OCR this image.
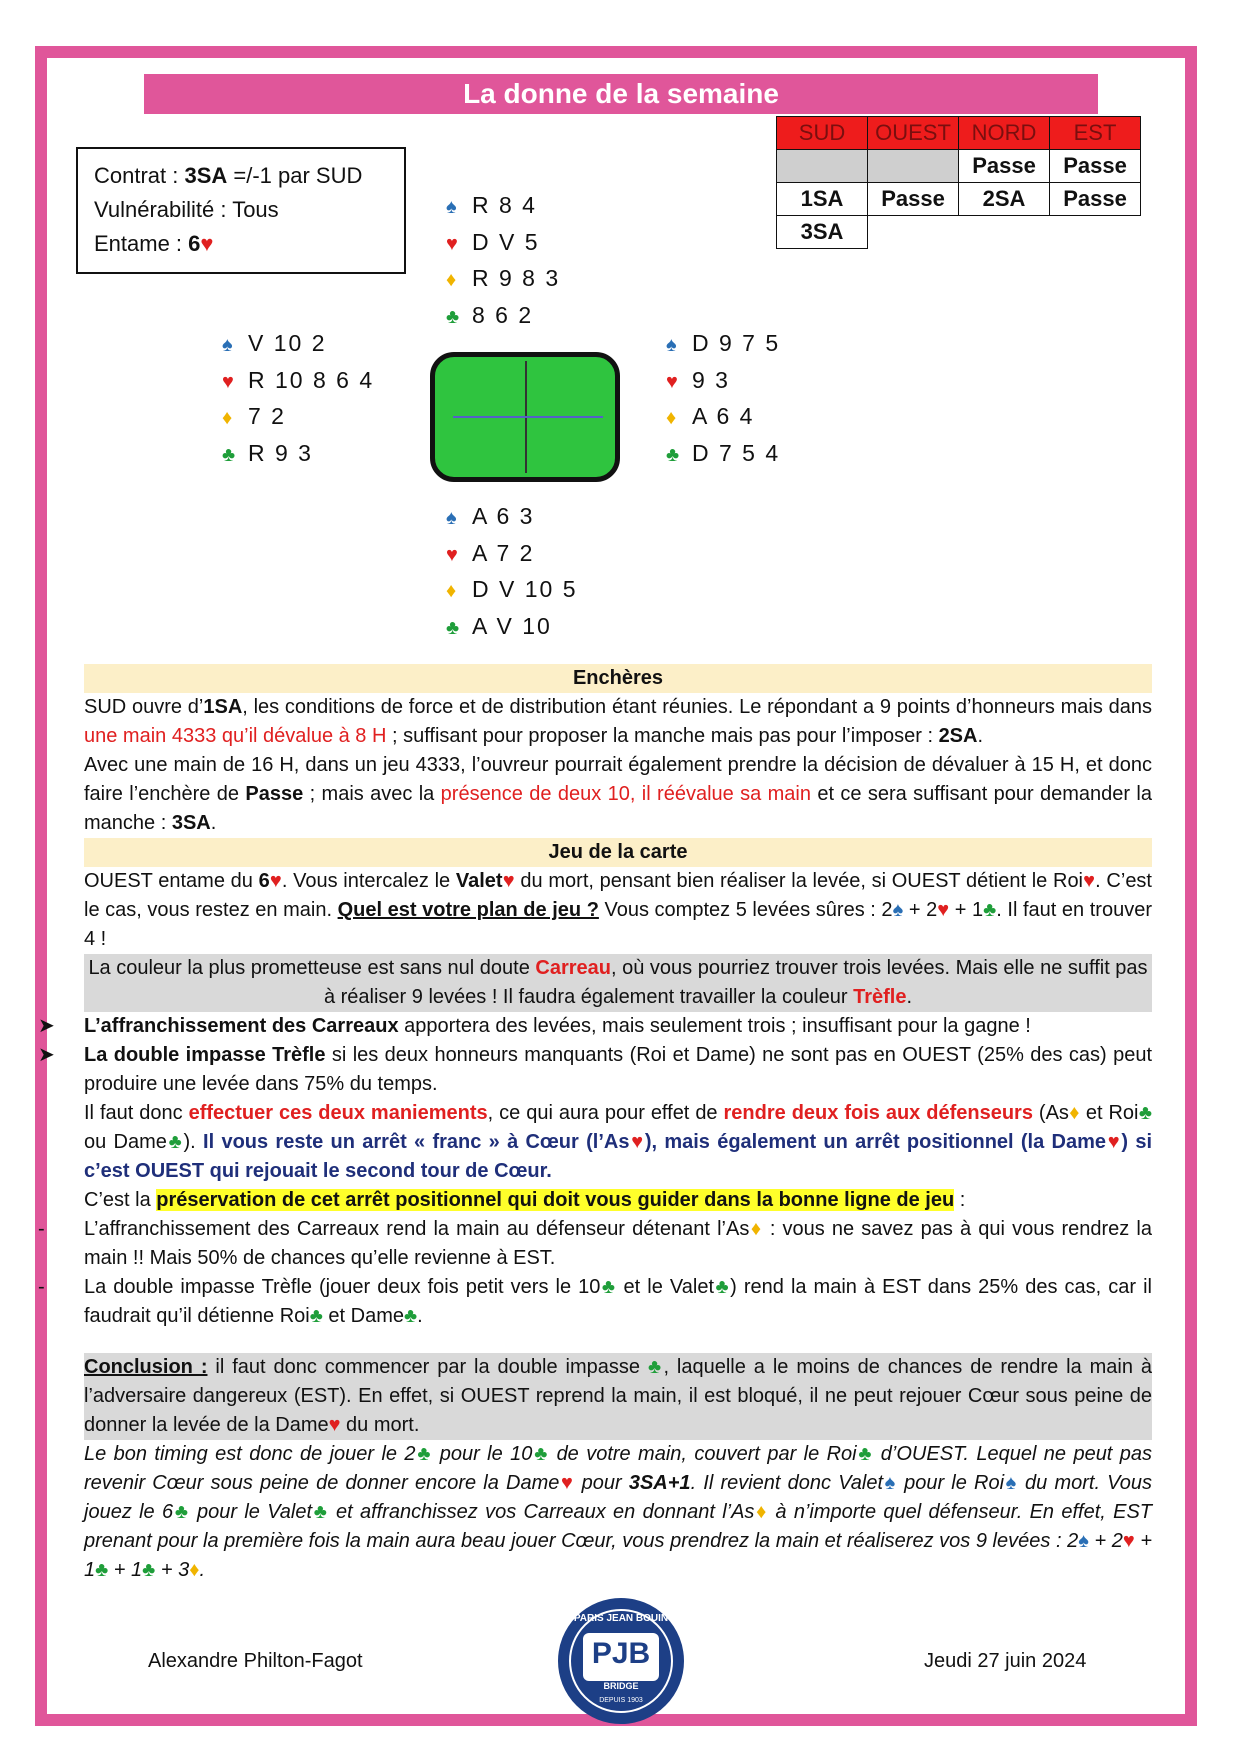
La donne de la semaine
Contrat : 3SA =/-1 par SUD
Vulnérabilité : Tous
Entame : 6♥
SUD	OUEST	NORD	EST
		Passe	Passe
1SA	Passe	2SA	Passe
3SA			
♠ R 8 4
♥ D V 5
♦ R 9 8 3
♣ 8 6 2
♠ V 10 2
♥ R 10 8 6 4
♦ 7 2
♣ R 9 3
♠ D 9 7 5
♥ 9 3
♦ A 6 4
♣ D 7 5 4
♠ A 6 3
♥ A 7 2
♦ D V 10 5
♣ A V 10
Enchères
SUD ouvre d’1SA, les conditions de force et de distribution étant réunies. Le répondant a 9 points d’honneurs mais dans une main 4333 qu’il dévalue à 8 H ; suffisant pour proposer la manche mais pas pour l’imposer : 2SA.
Avec une main de 16 H, dans un jeu 4333, l’ouvreur pourrait également prendre la décision de dévaluer à 15 H, et donc faire l’enchère de Passe ; mais avec la présence de deux 10, il réévalue sa main et ce sera suffisant pour demander la manche : 3SA.
Jeu de la carte
OUEST entame du 6♥. Vous intercalez le Valet♥ du mort, pensant bien réaliser la levée, si OUEST détient le Roi♥. C’est le cas, vous restez en main. Quel est votre plan de jeu ? Vous comptez 5 levées sûres : 2♠ + 2♥ + 1♣. Il faut en trouver 4 !
La couleur la plus prometteuse est sans nul doute Carreau, où vous pourriez trouver trois levées. Mais elle ne suffit pas à réaliser 9 levées ! Il faudra également travailler la couleur Trèfle.
➤ L’affranchissement des Carreaux apportera des levées, mais seulement trois ; insuffisant pour la gagne !
➤ La double impasse Trèfle si les deux honneurs manquants (Roi et Dame) ne sont pas en OUEST (25% des cas) peut produire une levée dans 75% du temps.
Il faut donc effectuer ces deux maniements, ce qui aura pour effet de rendre deux fois aux défenseurs (As♦ et Roi♣ ou Dame♣). Il vous reste un arrêt « franc » à Cœur (l’As♥), mais également un arrêt positionnel (la Dame♥) si c’est OUEST qui rejouait le second tour de Cœur.
C’est la préservation de cet arrêt positionnel qui doit vous guider dans la bonne ligne de jeu :
- L’affranchissement des Carreaux rend la main au défenseur détenant l’As♦ : vous ne savez pas à qui vous rendrez la main !! Mais 50% de chances qu’elle revienne à EST.
- La double impasse Trèfle (jouer deux fois petit vers le 10♣ et le Valet♣) rend la main à EST dans 25% des cas, car il faudrait qu’il détienne Roi♣ et Dame♣.
Conclusion : il faut donc commencer par la double impasse ♣, laquelle a le moins de chances de rendre la main à l’adversaire dangereux (EST). En effet, si OUEST reprend la main, il est bloqué, il ne peut rejouer Cœur sous peine de donner la levée de la Dame♥ du mort.
Le bon timing est donc de jouer le 2♣ pour le 10♣ de votre main, couvert par le Roi♣ d’OUEST. Lequel ne peut pas revenir Cœur sous peine de donner encore la Dame♥ pour 3SA+1. Il revient donc Valet♠ pour le Roi♠ du mort. Vous jouez le 6♣ pour le Valet♣ et affranchissez vos Carreaux en donnant l’As♦ à n’importe quel défenseur. En effet, EST prenant pour la première fois la main aura beau jouer Cœur, vous prendrez la main et réaliserez vos 9 levées : 2♠ + 2♥ + 1♣ + 1♣ + 3♦.
Alexandre Philton-Fagot	Jeudi 27 juin 2024
PARIS JEAN BOUIN
PJB
BRIDGE
DEPUIS 1903
